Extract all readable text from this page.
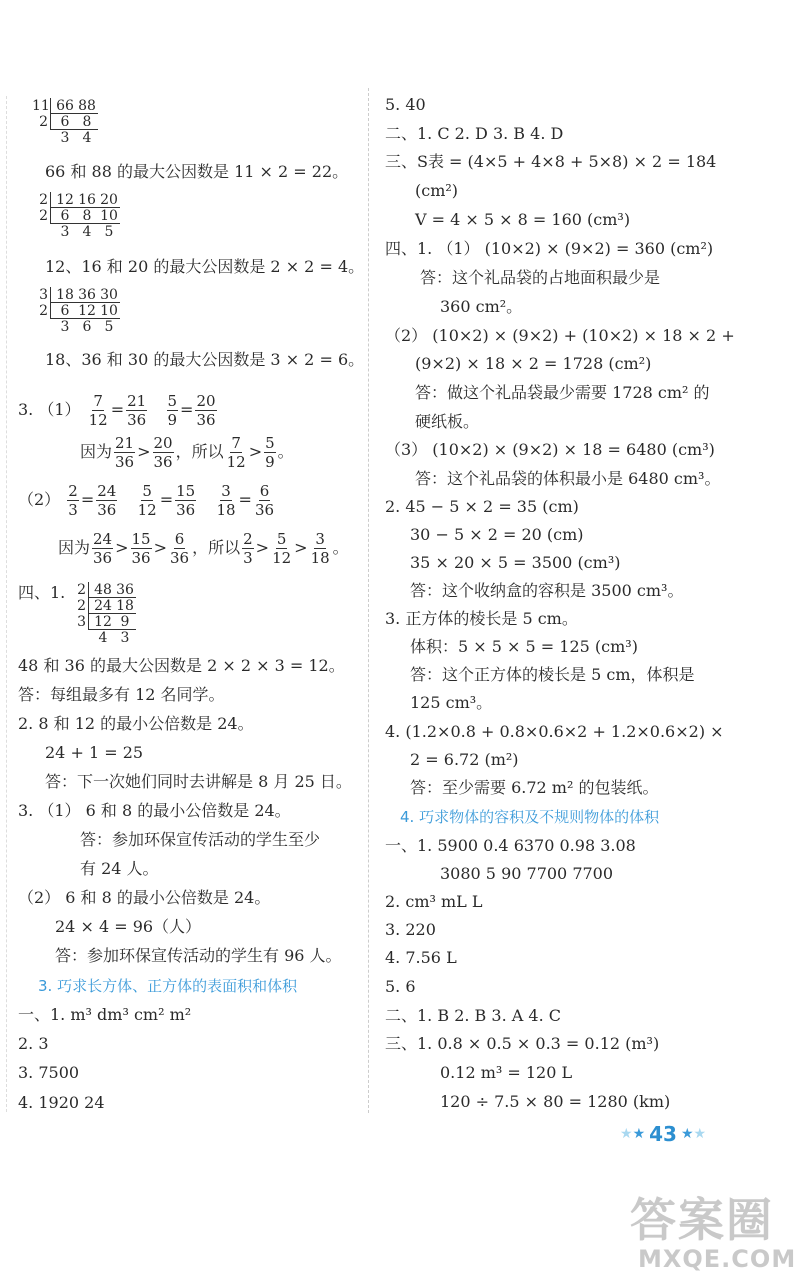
11 66 88
2 6 8
3 4
66 和 88 的最大公因数是 11 × 2 = 22。
2 12 16 20
2 6 8 10
3 4 5
12、16 和 20 的最大公因数是 2 × 2 = 4。
3 18 36 30
2 6 12 10
3 6 5
18、36 和 30 的最大公因数是 3 × 2 = 6。
3. $(1) \frac{7}{12} = \frac{21}{36}$
$\frac{5}{9} = \frac{20}{36}$
因为 $\frac{21}{36} > \frac{20}{36}$ ，所以 $\frac{7}{12} > \frac{5}{9}$ 。
$(2) \frac{2}{3} = \frac{24}{36}$
$\frac{5}{12} = \frac{15}{36}$
$\frac{3}{18} = \frac{6}{36}$
因为 $\frac{24}{36} > \frac{15}{36} > \frac{6}{36}$ ，所以 $\frac{2}{3} > \frac{5}{12} > \frac{3}{18}$ 。
四、1. 2 48 36
2 24 18
3 12 9
4 3
48 和 36 的最大公因数是 2 × 2 × 3 = 12。
答：每组最多有 12 名同学。
2. 8 和 12 的最小公倍数是 24。
24 + 1 = 25
答：下一次她们同时去讲解是 8 月 25 日。
3. （1） 6 和 8 的最小公倍数是 24。
答：参加环保宣传活动的学生至少
有 24 人。
（2） 6 和 8 的最小公倍数是 24。
24 × 4 = 96（人）
答：参加环保宣传活动的学生有 96 人。
3. 巧求长方体、正方体的表面积和体积
一、1. m³ dm³ cm² m²
2. 3
3. 7500
4. 1920 24
5. 40
二、1. C 2. D 3. B 4. D
三、S表 = (4×5 + 4×8 + 5×8) × 2 = 184
(cm²)
V = 4 × 5 × 8 = 160 (cm³)
四、1. （1） (10×2) × (9×2) = 360 (cm²)
答：这个礼品袋的占地面积最少是
360 cm²。
（2） (10×2) × (9×2) + (10×2) × 18 × 2 +
(9×2) × 18 × 2 = 1728 (cm²)
答：做这个礼品袋最少需要 1728 cm² 的
硬纸板。
（3） (10×2) × (9×2) × 18 = 6480 (cm³)
答：这个礼品袋的体积最小是 6480 cm³。
2. 45 − 5 × 2 = 35 (cm)
30 − 5 × 2 = 20 (cm)
35 × 20 × 5 = 3500 (cm³)
答：这个收纳盒的容积是 3500 cm³。
3. 正方体的棱长是 5 cm。
体积：5 × 5 × 5 = 125 (cm³)
答：这个正方体的棱长是 5 cm，体积是
125 cm³。
4. (1.2×0.8 + 0.8×0.6×2 + 1.2×0.6×2) ×
2 = 6.72 (m²)
答：至少需要 6.72 m² 的包装纸。
4. 巧求物体的容积及不规则物体的体积
一、1. 5900 0.4 6370 0.98 3.08
3080 5 90 7700 7700
2. cm³ mL L
3. 220
4. 7.56 L
5. 6
二、1. B 2. B 3. A 4. C
三、1. 0.8 × 0.5 × 0.3 = 0.12 (m³)
0.12 m³ = 120 L
120 ÷ 7.5 × 80 = 1280 (km)
★ ★ 43 ★ ★
答案圈
MXQE.COM
